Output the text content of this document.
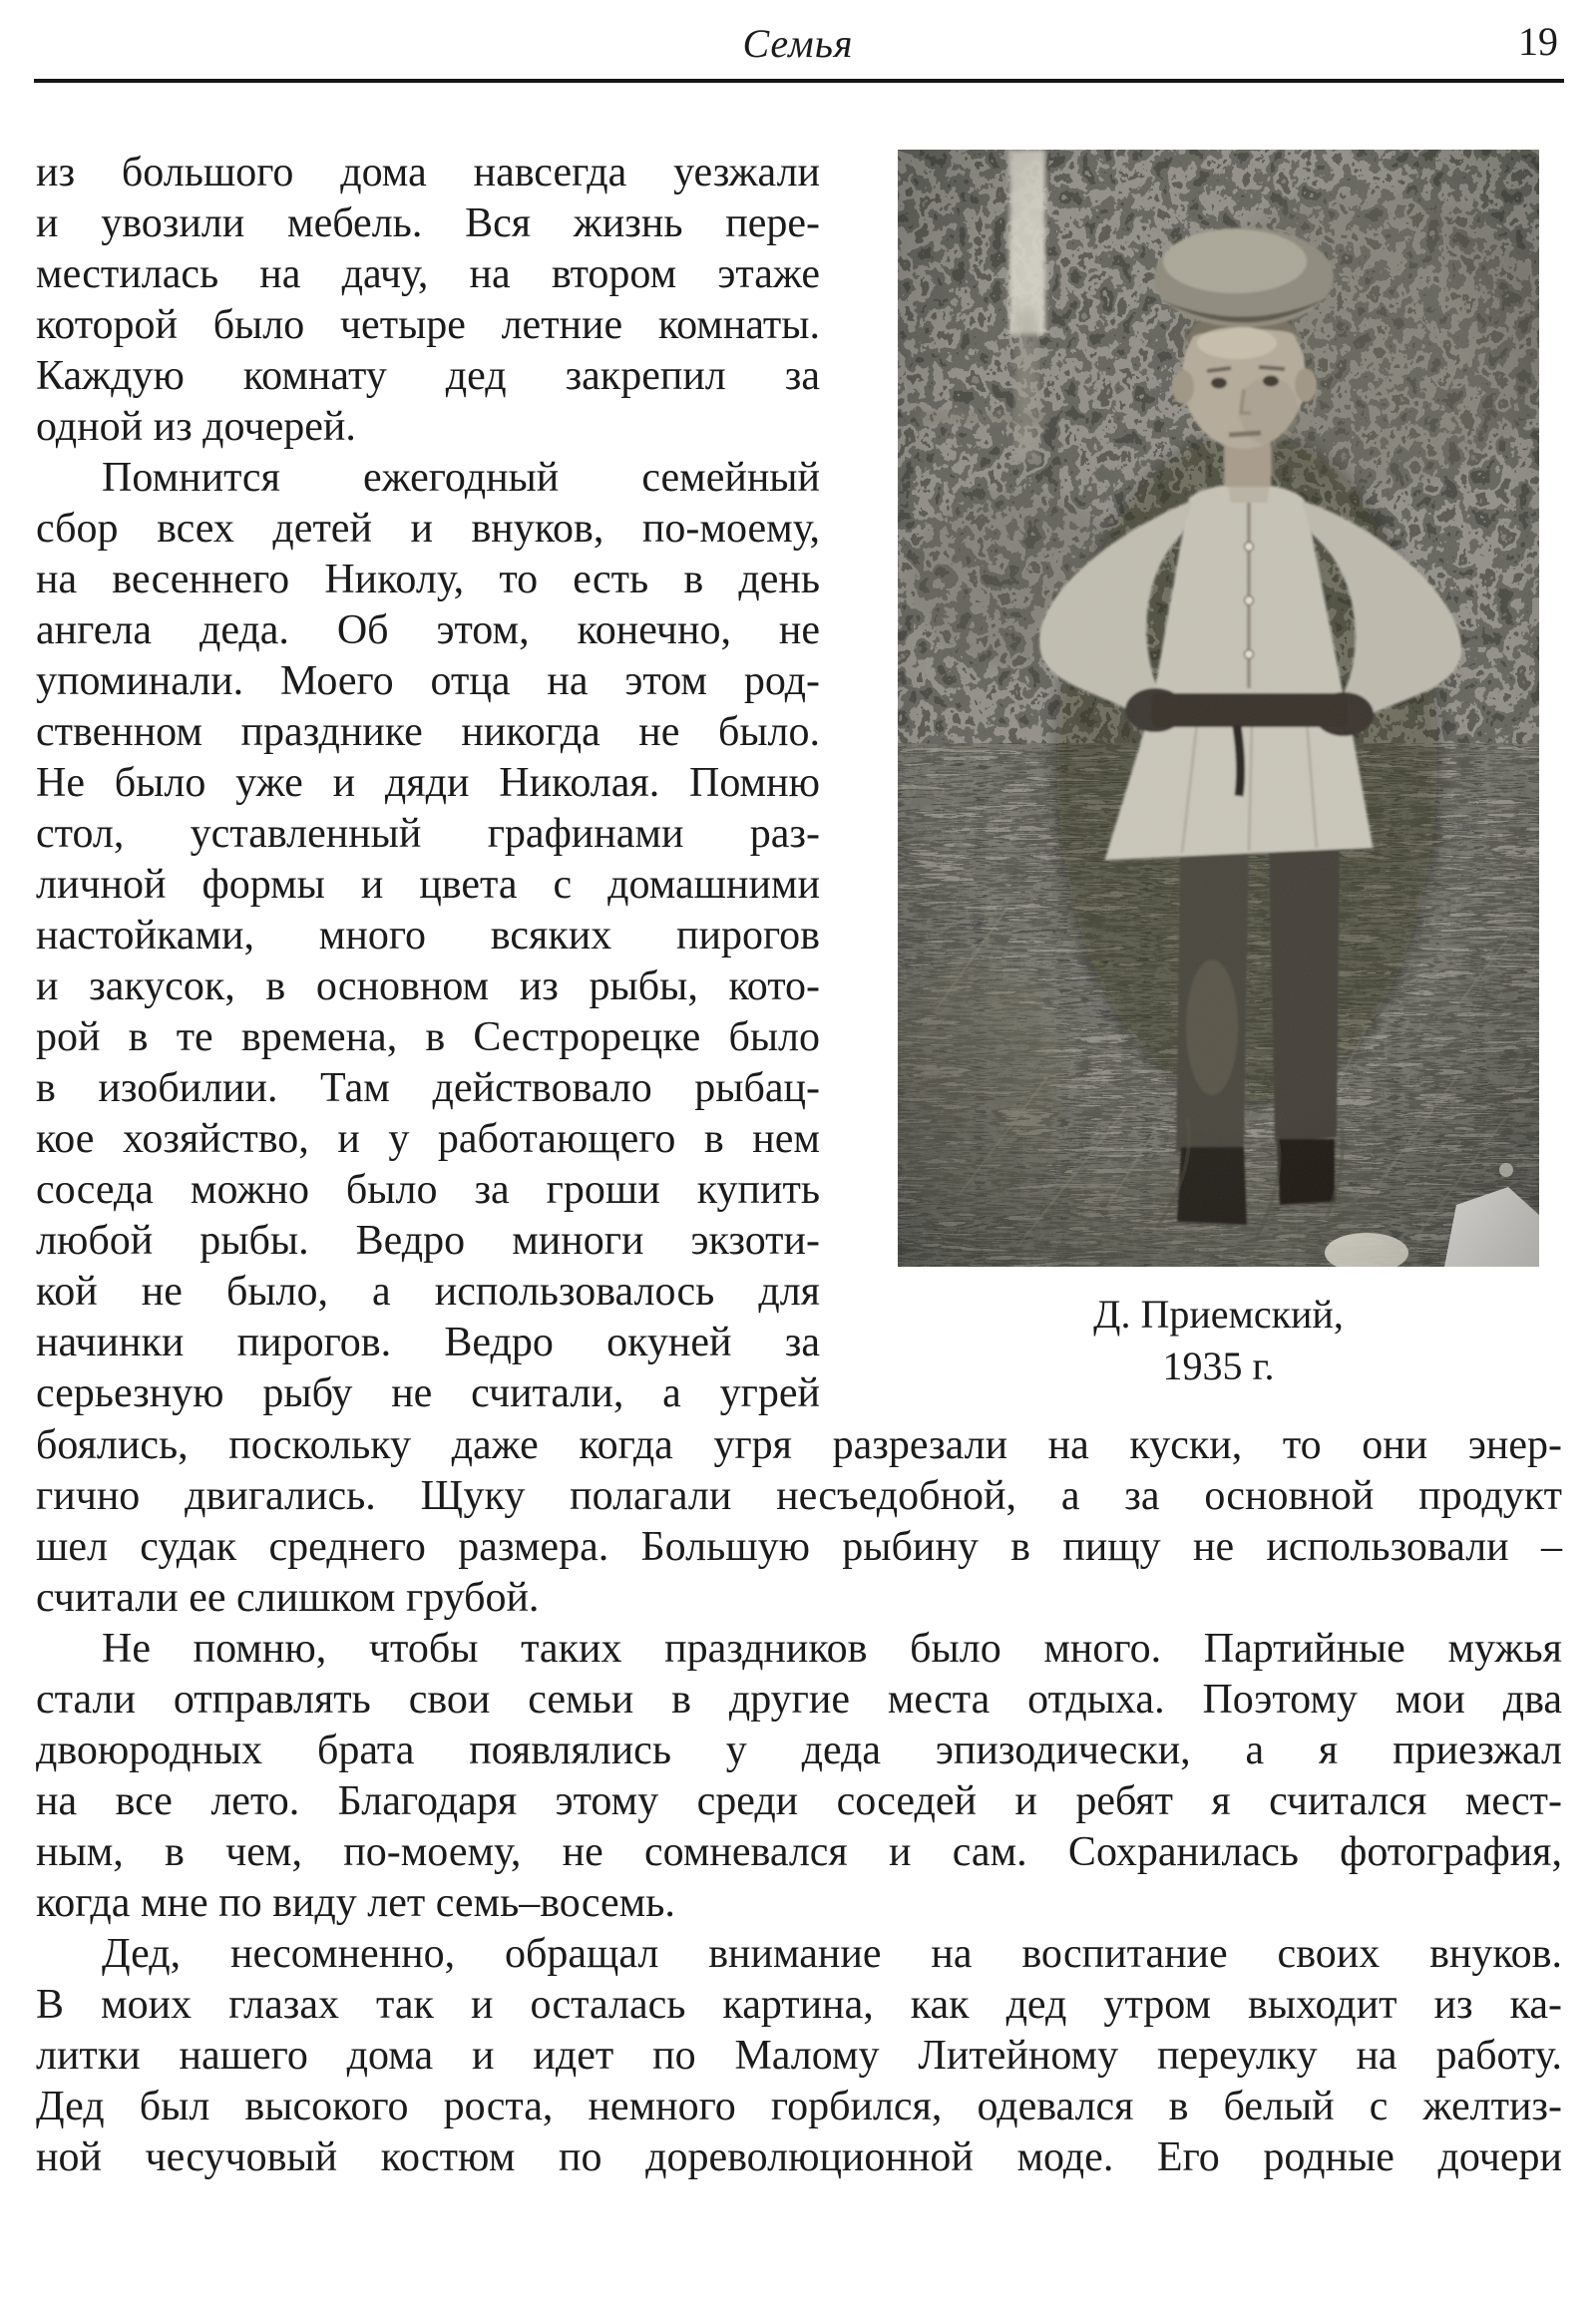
Семья	19
из большого дома навсегда уезжали
и увозили мебель. Вся жизнь пере-
местилась на дачу, на втором этаже
которой было четыре летние комнаты.
Каждую комнату дед закрепил за
одной из дочерей.
Помнится ежегодный семейный
сбор всех детей и внуков, по-моему,
на весеннего Николу, то есть в день
ангела деда. Об этом, конечно, не
упоминали. Моего отца на этом род-
ственном празднике никогда не было.
Не было уже и дяди Николая. Помню
стол, уставленный графинами раз-
личной формы и цвета с домашними
настойками, много всяких пирогов
и закусок, в основном из рыбы, кото-
рой в те времена, в Сестрорецке было
в изобилии. Там действовало рыбац-
кое хозяйство, и у работающего в нем
соседа можно было за гроши купить
любой рыбы. Ведро миноги экзоти-
кой не было, а использовалось для
начинки пирогов. Ведро окуней за
серьезную рыбу не считали, а угрей
Д. Приемский,
1935 г.
боялись, поскольку даже когда угря разрезали на куски, то они энер-
гично двигались. Щуку полагали несъедобной, а за основной продукт
шел судак среднего размера. Большую рыбину в пищу не использовали –
считали ее слишком грубой.
Не помню, чтобы таких праздников было много. Партийные мужья
стали отправлять свои семьи в другие места отдыха. Поэтому мои два
двоюродных брата появлялись у деда эпизодически, а я приезжал
на все лето. Благодаря этому среди соседей и ребят я считался мест-
ным, в чем, по-моему, не сомневался и сам. Сохранилась фотография,
когда мне по виду лет семь–восемь.
Дед, несомненно, обращал внимание на воспитание своих внуков.
В моих глазах так и осталась картина, как дед утром выходит из ка-
литки нашего дома и идет по Малому Литейному переулку на работу.
Дед был высокого роста, немного горбился, одевался в белый с желтиз-
ной чесучовый костюм по дореволюционной моде. Его родные дочери
